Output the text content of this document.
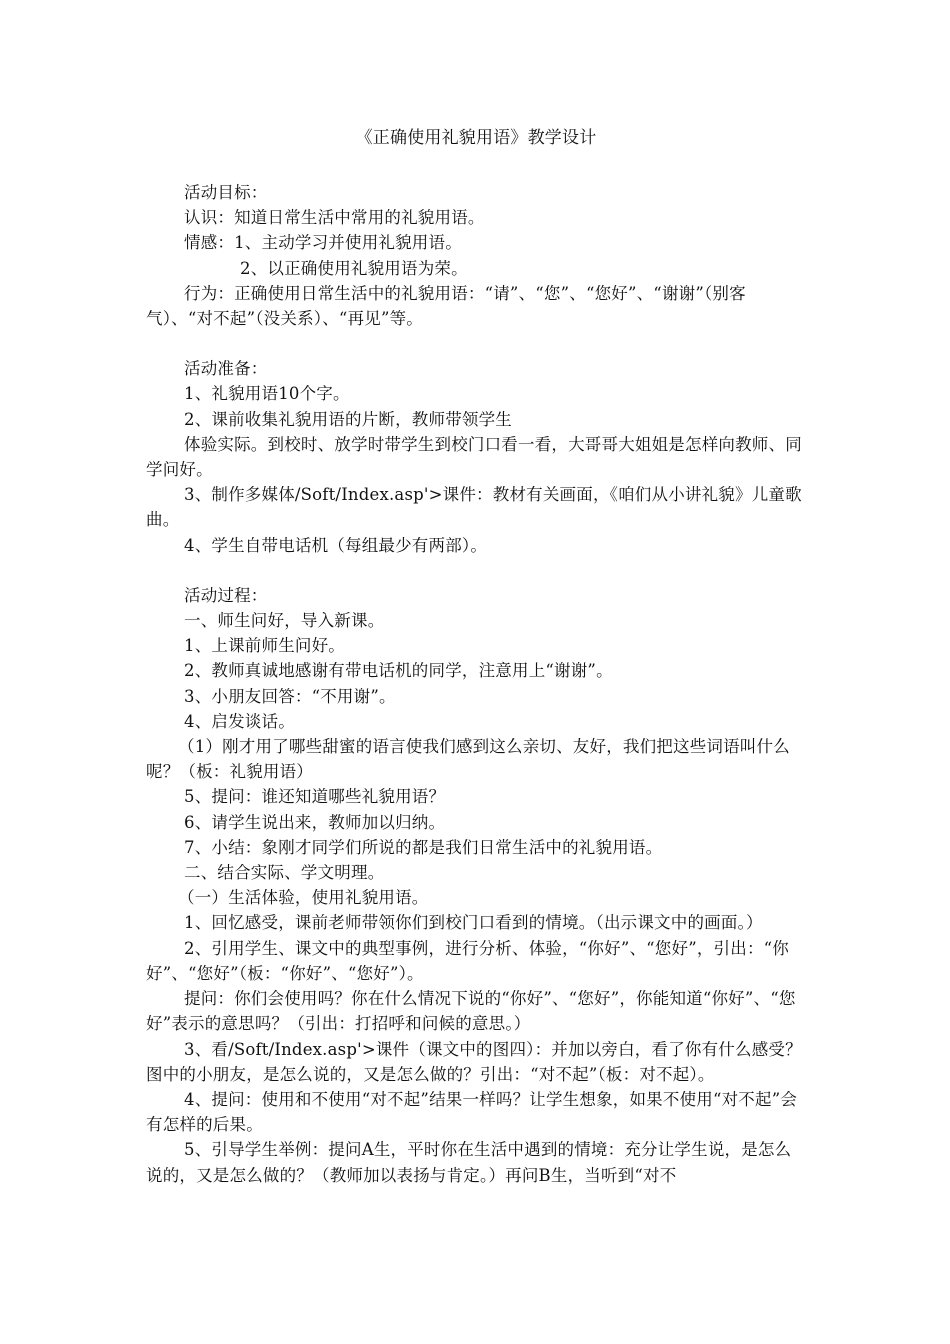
《正确使用礼貌用语》教学设计

活动目标：

认识：知道日常生活中常用的礼貌用语。

情感：1、主动学习并使用礼貌用语。

2、以正确使用礼貌用语为荣。

行为：正确使用日常生活中的礼貌用语：“请”、“您”、“您好”、“谢谢”（别客气）、“对不起”（没关系）、“再见”等。

活动准备：

1、礼貌用语10个字。

2、课前收集礼貌用语的片断，教师带领学生

体验实际。到校时、放学时带学生到校门口看一看，大哥哥大姐姐是怎样向教师、同学问好。

3、制作多媒体/Soft/Index.asp'>课件：教材有关画面，《咱们从小讲礼貌》儿童歌曲。

4、学生自带电话机（每组最少有两部）。

活动过程：

一、师生问好，导入新课。

1、上课前师生问好。

2、教师真诚地感谢有带电话机的同学，注意用上“谢谢”。

3、小朋友回答：“不用谢”。

4、启发谈话。

（1）刚才用了哪些甜蜜的语言使我们感到这么亲切、友好，我们把这些词语叫什么呢？（板：礼貌用语）

5、提问：谁还知道哪些礼貌用语？

6、请学生说出来，教师加以归纳。

7、小结：象刚才同学们所说的都是我们日常生活中的礼貌用语。

二、结合实际、学文明理。

（一）生活体验，使用礼貌用语。

1、回忆感受，课前老师带领你们到校门口看到的情境。（出示课文中的画面。）

2、引用学生、课文中的典型事例，进行分析、体验，“你好”、“您好”，引出：“你好”、“您好”（板：“你好”、“您好”）。

提问：你们会使用吗？你在什么情况下说的“你好”、“您好”，你能知道“你好”、“您好”表示的意思吗？（引出：打招呼和问候的意思。）

3、看/Soft/Index.asp'>课件（课文中的图四）：并加以旁白，看了你有什么感受？图中的小朋友，是怎么说的，又是怎么做的？引出：“对不起”（板：对不起）。

4、提问：使用和不使用“对不起”结果一样吗？让学生想象，如果不使用“对不起”会有怎样的后果。

5、引导学生举例：提问A生，平时你在生活中遇到的情境：充分让学生说，是怎么说的，又是怎么做的？（教师加以表扬与肯定。）再问B生，当听到“对不
